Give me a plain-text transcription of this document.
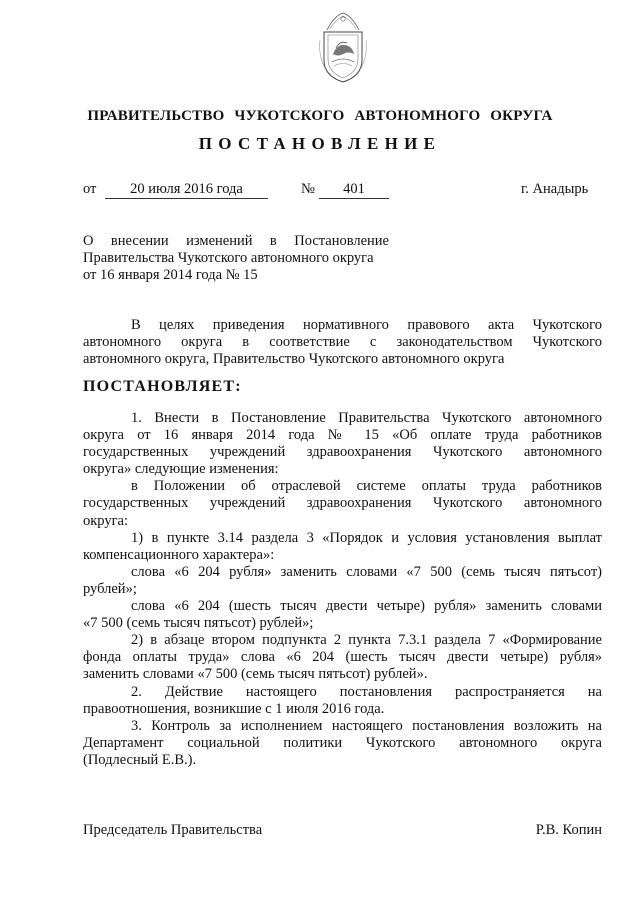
ПРАВИТЕЛЬСТВО ЧУКОТСКОГО АВТОНОМНОГО ОКРУГА
ПОСТАНОВЛЕНИЕ
от	20 июля 2016 года	№	401	г. Анадырь
О внесении изменений в Постановление
Правительства Чукотского автономного округа
от 16 января 2014 года № 15
В целях приведения нормативного правового акта Чукотского
автономного округа в соответствие с законодательством Чукотского
автономного округа, Правительство Чукотского автономного округа
ПОСТАНОВЛЯЕТ:
1. Внести в Постановление Правительства Чукотского автономного
округа от 16 января 2014 года № 15 «Об оплате труда работников
государственных учреждений здравоохранения Чукотского автономного
округа» следующие изменения:
в Положении об отраслевой системе оплаты труда работников
государственных учреждений здравоохранения Чукотского автономного
округа:
1) в пункте 3.14 раздела 3 «Порядок и условия установления выплат
компенсационного характера»:
слова «6 204 рубля» заменить словами «7 500 (семь тысяч пятьсот)
рублей»;
слова «6 204 (шесть тысяч двести четыре) рубля» заменить словами
«7 500 (семь тысяч пятьсот) рублей»;
2) в абзаце втором подпункта 2 пункта 7.3.1 раздела 7 «Формирование
фонда оплаты труда» слова «6 204 (шесть тысяч двести четыре) рубля»
заменить словами «7 500 (семь тысяч пятьсот) рублей».
2. Действие настоящего постановления распространяется на
правоотношения, возникшие с 1 июля 2016 года.
3. Контроль за исполнением настоящего постановления возложить на
Департамент социальной политики Чукотского автономного округа
(Подлесный Е.В.).
Председатель Правительства	Р.В. Копин
